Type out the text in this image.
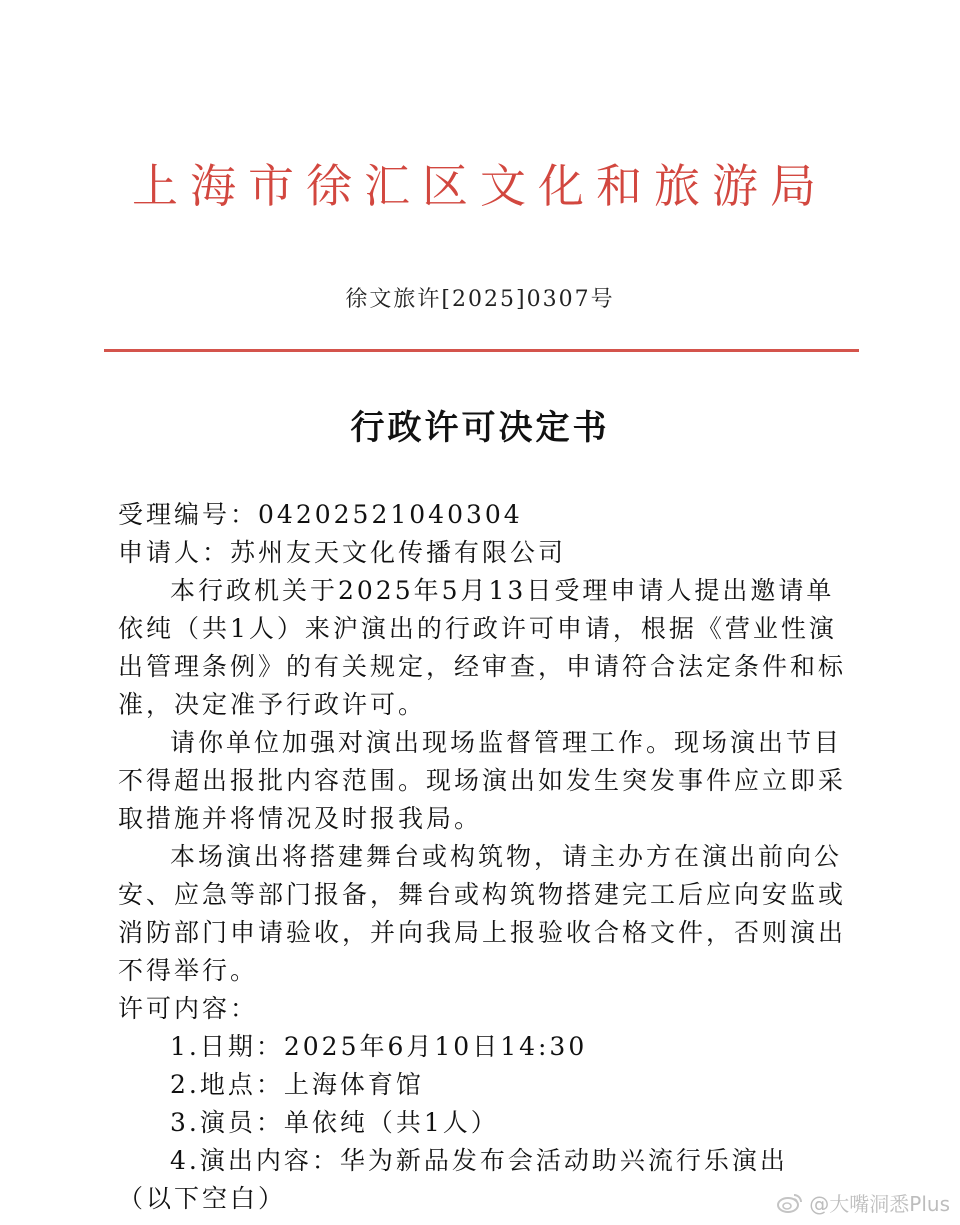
上海市徐汇区文化和旅游局
徐文旅许[2025]0307号
行政许可决定书
受理编号：04202521040304
申请人：苏州友天文化传播有限公司
本行政机关于2025年5月13日受理申请人提出邀请单
依纯（共1人）来沪演出的行政许可申请，根据《营业性演
出管理条例》的有关规定，经审查，申请符合法定条件和标
准，决定准予行政许可。
请你单位加强对演出现场监督管理工作。现场演出节目
不得超出报批内容范围。现场演出如发生突发事件应立即采
取措施并将情况及时报我局。
本场演出将搭建舞台或构筑物，请主办方在演出前向公
安、应急等部门报备，舞台或构筑物搭建完工后应向安监或
消防部门申请验收，并向我局上报验收合格文件，否则演出
不得举行。
许可内容：
1.日期：2025年6月10日14:30
2.地点：上海体育馆
3.演员：单依纯（共1人）
4.演出内容：华为新品发布会活动助兴流行乐演出
（以下空白）	@大嘴洞悉Plus
